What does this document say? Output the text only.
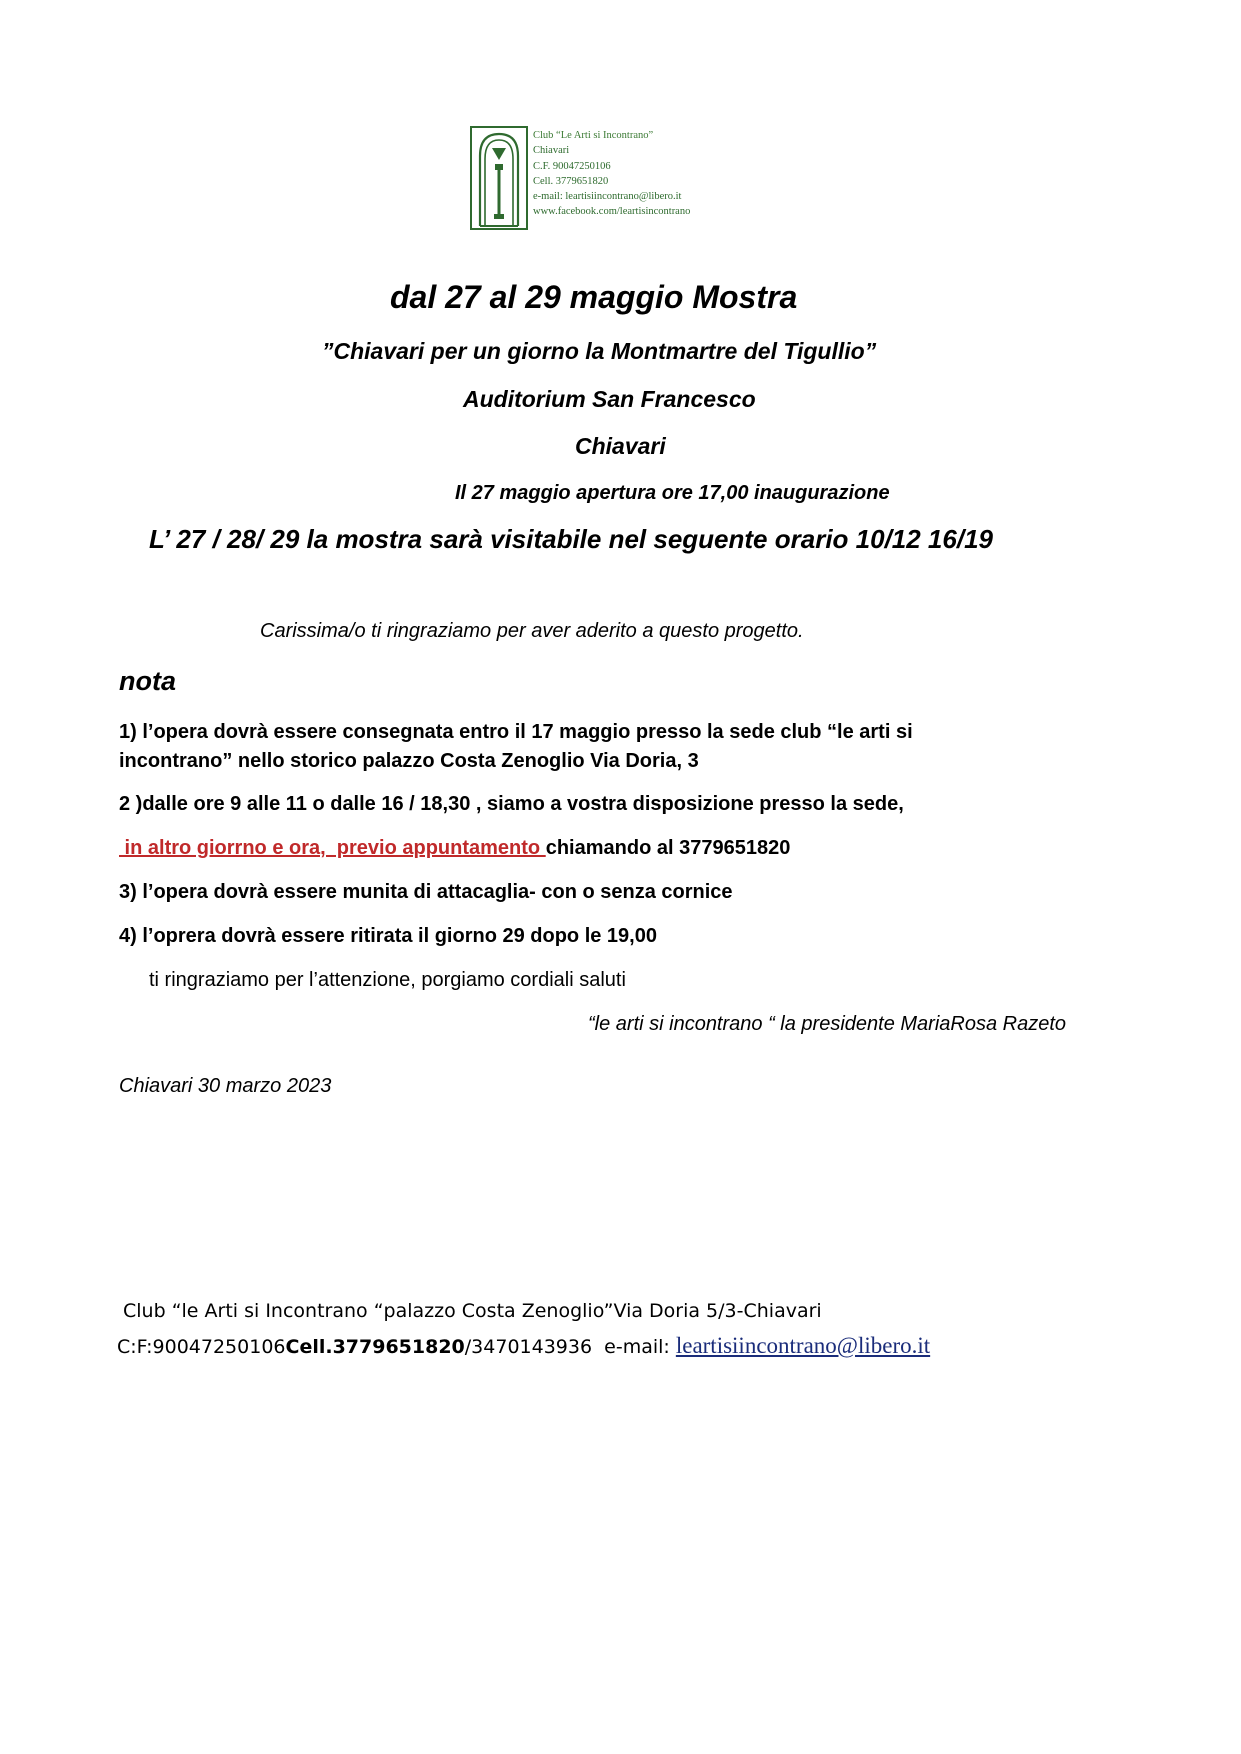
Club “Le Arti si Incontrano”
Chiavari
C.F. 90047250106
Cell. 3779651820
e-mail: leartisiincontrano@libero.it
www.facebook.com/leartisincontrano
dal 27 al 29 maggio Mostra
”Chiavari per un giorno la Montmartre del Tigullio”
Auditorium San Francesco
Chiavari
Il 27 maggio apertura ore 17,00 inaugurazione
L’ 27 / 28/ 29 la mostra sarà visitabile nel seguente orario 10/12 16/19
Carissima/o ti ringraziamo per aver aderito a questo progetto.
nota
1) l’opera dovrà essere consegnata entro il 17 maggio presso la sede club “le arti si
incontrano” nello storico palazzo Costa Zenoglio Via Doria, 3
2 )dalle ore 9 alle 11 o dalle 16 / 18,30 , siamo a vostra disposizione presso la sede,
in altro giorrno e ora,  previo appuntamento chiamando al 3779651820
3) l’opera dovrà essere munita di attacaglia- con o senza cornice
4) l’oprera dovrà essere ritirata il giorno 29 dopo le 19,00
ti ringraziamo per l’attenzione, porgiamo cordiali saluti
“le arti si incontrano “ la presidente MariaRosa Razeto
Chiavari 30 marzo 2023
Club “le Arti si Incontrano “palazzo Costa Zenoglio”Via Doria 5/3-Chiavari
C:F:90047250106Cell.3779651820/3470143936  e-mail: leartisiincontrano@libero.it
